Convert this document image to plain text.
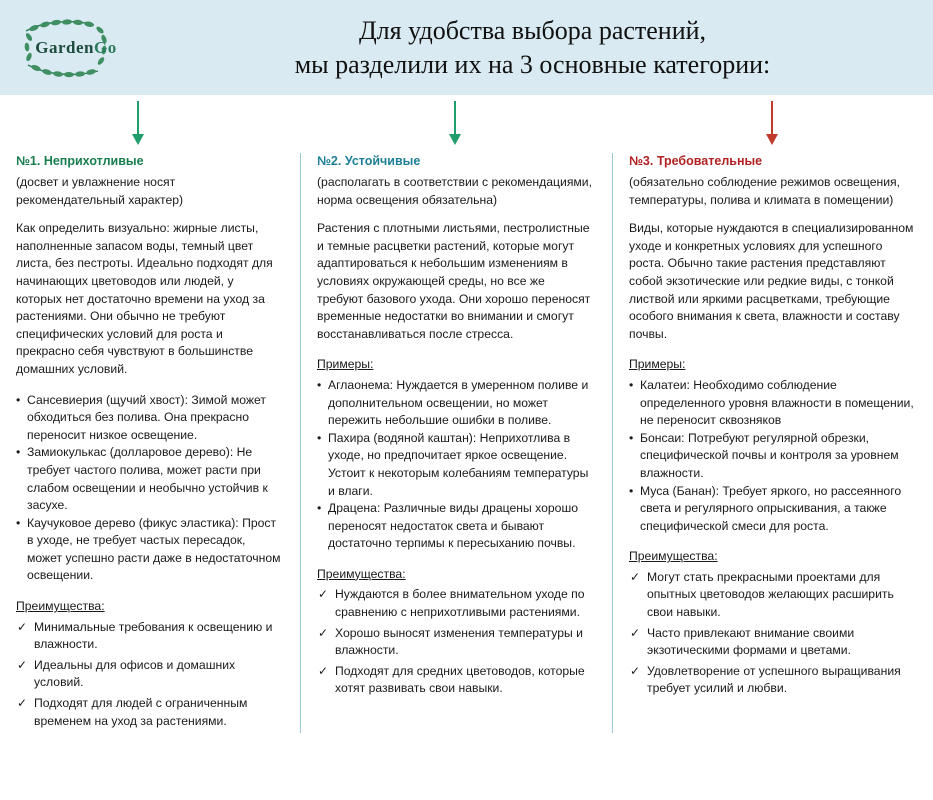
GardenGo
Для удобства выбора растений,
мы разделили их на 3 основные категории:
№1. Неприхотливые
(досвет и увлажнение носят рекомендательный характер)
Как определить визуально: жирные листы, наполненные запасом воды, темный цвет листа, без пестроты. Идеально подходят для начинающих цветоводов или людей, у которых нет достаточно времени на уход за растениями. Они обычно не требуют специфических условий для роста и прекрасно себя чувствуют в большинстве домашних условий.
• Сансевиерия (щучий хвост): Зимой может обходиться без полива. Она прекрасно переносит низкое освещение.
• Замиокулькас (долларовое дерево): Не требует частого полива, может расти при слабом освещении и необычно устойчив к засухе.
• Каучуковое дерево (фикус эластика): Прост в уходе, не требует частых пересадок, может успешно расти даже в недостаточном освещении.
Преимущества:
✓ Минимальные требования к освещению и влажности.
✓ Идеальны для офисов и домашних условий.
✓ Подходят для людей с ограниченным временем на уход за растениями.
№2. Устойчивые
(располагать в соответствии с рекомендациями, норма освещения обязательна)
Растения с плотными листьями, пестролистные и темные расцветки растений, которые могут адаптироваться к небольшим изменениям в условиях окружающей среды, но все же требуют базового ухода. Они хорошо переносят временные недостатки во внимании и смогут восстанавливаться после стресса.
Примеры:
• Аглаонема: Нуждается в умеренном поливе и дополнительном освещении, но может пережить небольшие ошибки в поливе.
• Пахира (водяной каштан): Неприхотлива в уходе, но предпочитает яркое освещение. Устоит к некоторым колебаниям температуры и влаги.
• Драцена: Различные виды драцены хорошо переносят недостаток света и бывают достаточно терпимы к пересыханию почвы.
Преимущества:
✓ Нуждаются в более внимательном уходе по сравнению с неприхотливыми растениями.
✓ Хорошо выносят изменения температуры и влажности.
✓ Подходят для средних цветоводов, которые хотят развивать свои навыки.
№3. Требовательные
(обязательно соблюдение режимов освещения, температуры, полива и климата в помещении)
Виды, которые нуждаются в специализированном уходе и конкретных условиях для успешного роста. Обычно такие растения представляют собой экзотические или редкие виды, с тонкой листвой или яркими расцветками, требующие особого внимания к света, влажности и составу почвы.
Примеры:
• Калатеи: Необходимо соблюдение определенного уровня влажности в помещении, не переносит сквозняков
• Бонсаи: Потребуют регулярной обрезки, специфической почвы и контроля за уровнем влажности.
• Муса (Банан): Требует яркого, но рассеянного света и регулярного опрыскивания, а также специфической смеси для роста.
Преимущества:
✓ Могут стать прекрасными проектами для опытных цветоводов желающих расширить свои навыки.
✓ Часто привлекают внимание своими экзотическими формами и цветами.
✓ Удовлетворение от успешного выращивания требует усилий и любви.
